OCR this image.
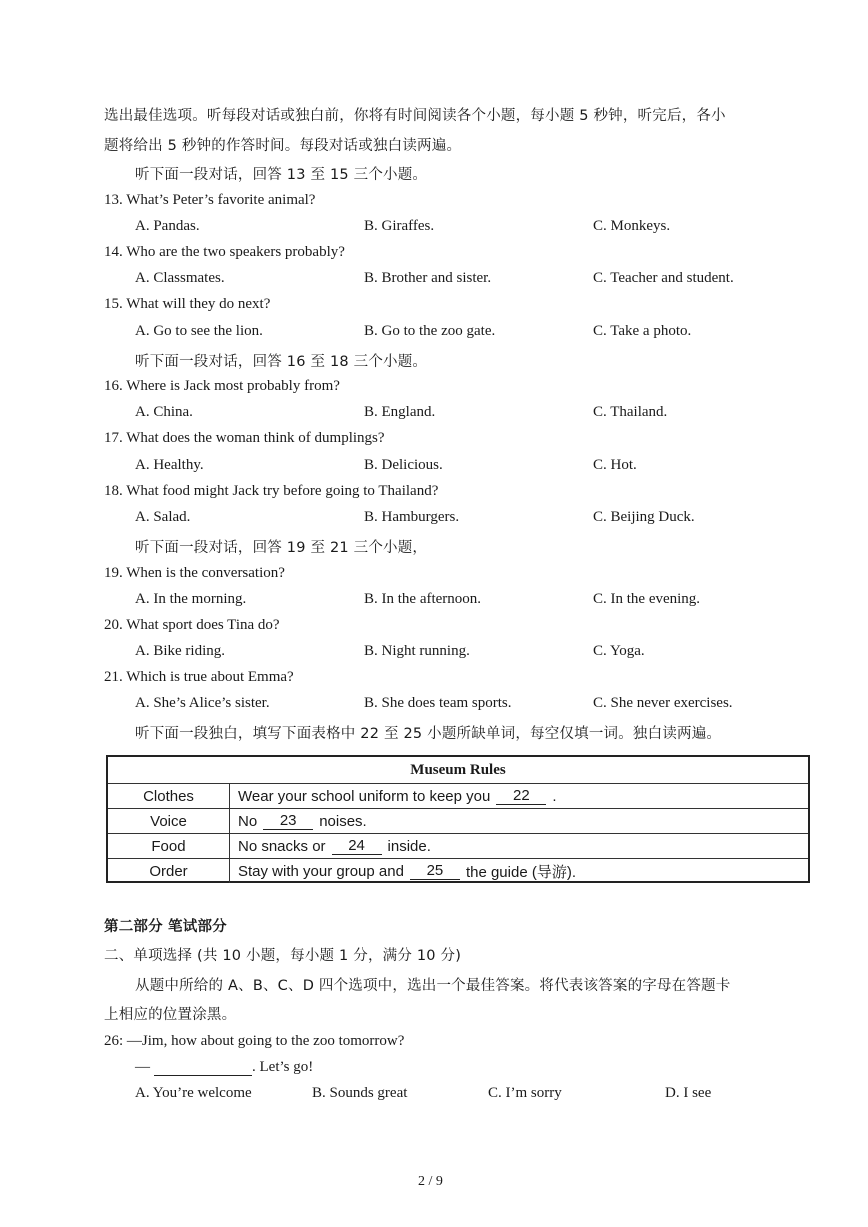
选出最佳选项。听每段对话或独白前，你将有时间阅读各个小题，每小题 5 秒钟，听完后，各小
题将给出 5 秒钟的作答时间。每段对话或独白读两遍。
听下面一段对话，回答 13 至 15 三个小题。
13. What’s Peter’s favorite animal?
A. Pandas.	B. Giraffes.	C. Monkeys.
14. Who are the two speakers probably?
A. Classmates.	B. Brother and sister.	C. Teacher and student.
15. What will they do next?
A. Go to see the lion.	B. Go to the zoo gate.	C. Take a photo.
听下面一段对话，回答 16 至 18 三个小题。
16. Where is Jack most probably from?
A. China.	B. England.	C. Thailand.
17. What does the woman think of dumplings?
A. Healthy.	B. Delicious.	C. Hot.
18. What food might Jack try before going to Thailand?
A. Salad.	B. Hamburgers.	C. Beijing Duck.
听下面一段对话，回答 19 至 21 三个小题，
19. When is the conversation?
A. In the morning.	B. In the afternoon.	C. In the evening.
20. What sport does Tina do?
A. Bike riding.	B. Night running.	C. Yoga.
21. Which is true about Emma?
A. She’s Alice’s sister.	B. She does team sports.	C. She never exercises.
听下面一段独白，填写下面表格中 22 至 25 小题所缺单词，每空仅填一词。独白读两遍。
Museum Rules
Clothes	Wear your school uniform to keep you	22	.
Voice	No	23	noises.
Food	No snacks or	24	inside.
Order	Stay with your group and	25	the guide (导游).
第二部分 笔试部分
二、单项选择 (共 10 小题，每小题 1 分，满分 10 分)
从题中所给的 A、B、C、D 四个选项中，选出一个最佳答案。将代表该答案的字母在答题卡
上相应的位置涂黑。
26: —Jim, how about going to the zoo tomorrow?
—	. Let’s go!
A. You’re welcome	B. Sounds great	C. I’m sorry	D. I see
2 / 9
